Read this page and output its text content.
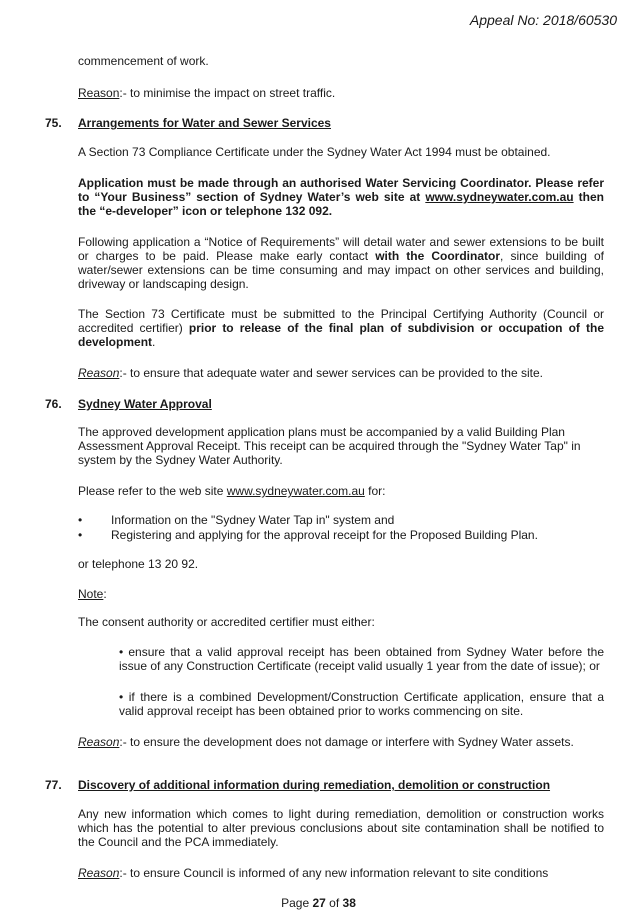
Appeal No: 2018/60530

commencement of work.

Reason:- to minimise the impact on street traffic.

75. Arrangements for Water and Sewer Services

A Section 73 Compliance Certificate under the Sydney Water Act 1994 must be obtained.

Application must be made through an authorised Water Servicing Coordinator. Please refer to “Your Business” section of Sydney Water’s web site at www.sydneywater.com.au then the “e-developer” icon or telephone 132 092.

Following application a “Notice of Requirements” will detail water and sewer extensions to be built or charges to be paid. Please make early contact with the Coordinator, since building of water/sewer extensions can be time consuming and may impact on other services and building, driveway or landscaping design.

The Section 73 Certificate must be submitted to the Principal Certifying Authority (Council or accredited certifier) prior to release of the final plan of subdivision or occupation of the development.

Reason:- to ensure that adequate water and sewer services can be provided to the site.

76. Sydney Water Approval

The approved development application plans must be accompanied by a valid Building Plan Assessment Approval Receipt. This receipt can be acquired through the "Sydney Water Tap" in system by the Sydney Water Authority.

Please refer to the web site www.sydneywater.com.au for:

• Information on the "Sydney Water Tap in" system and
• Registering and applying for the approval receipt for the Proposed Building Plan.

or telephone 13 20 92.

Note:

The consent authority or accredited certifier must either:

• ensure that a valid approval receipt has been obtained from Sydney Water before the issue of any Construction Certificate (receipt valid usually 1 year from the date of issue); or

• if there is a combined Development/Construction Certificate application, ensure that a valid approval receipt has been obtained prior to works commencing on site.

Reason:- to ensure the development does not damage or interfere with Sydney Water assets.

77. Discovery of additional information during remediation, demolition or construction

Any new information which comes to light during remediation, demolition or construction works which has the potential to alter previous conclusions about site contamination shall be notified to the Council and the PCA immediately.

Reason:- to ensure Council is informed of any new information relevant to site conditions

Page 27 of 38
